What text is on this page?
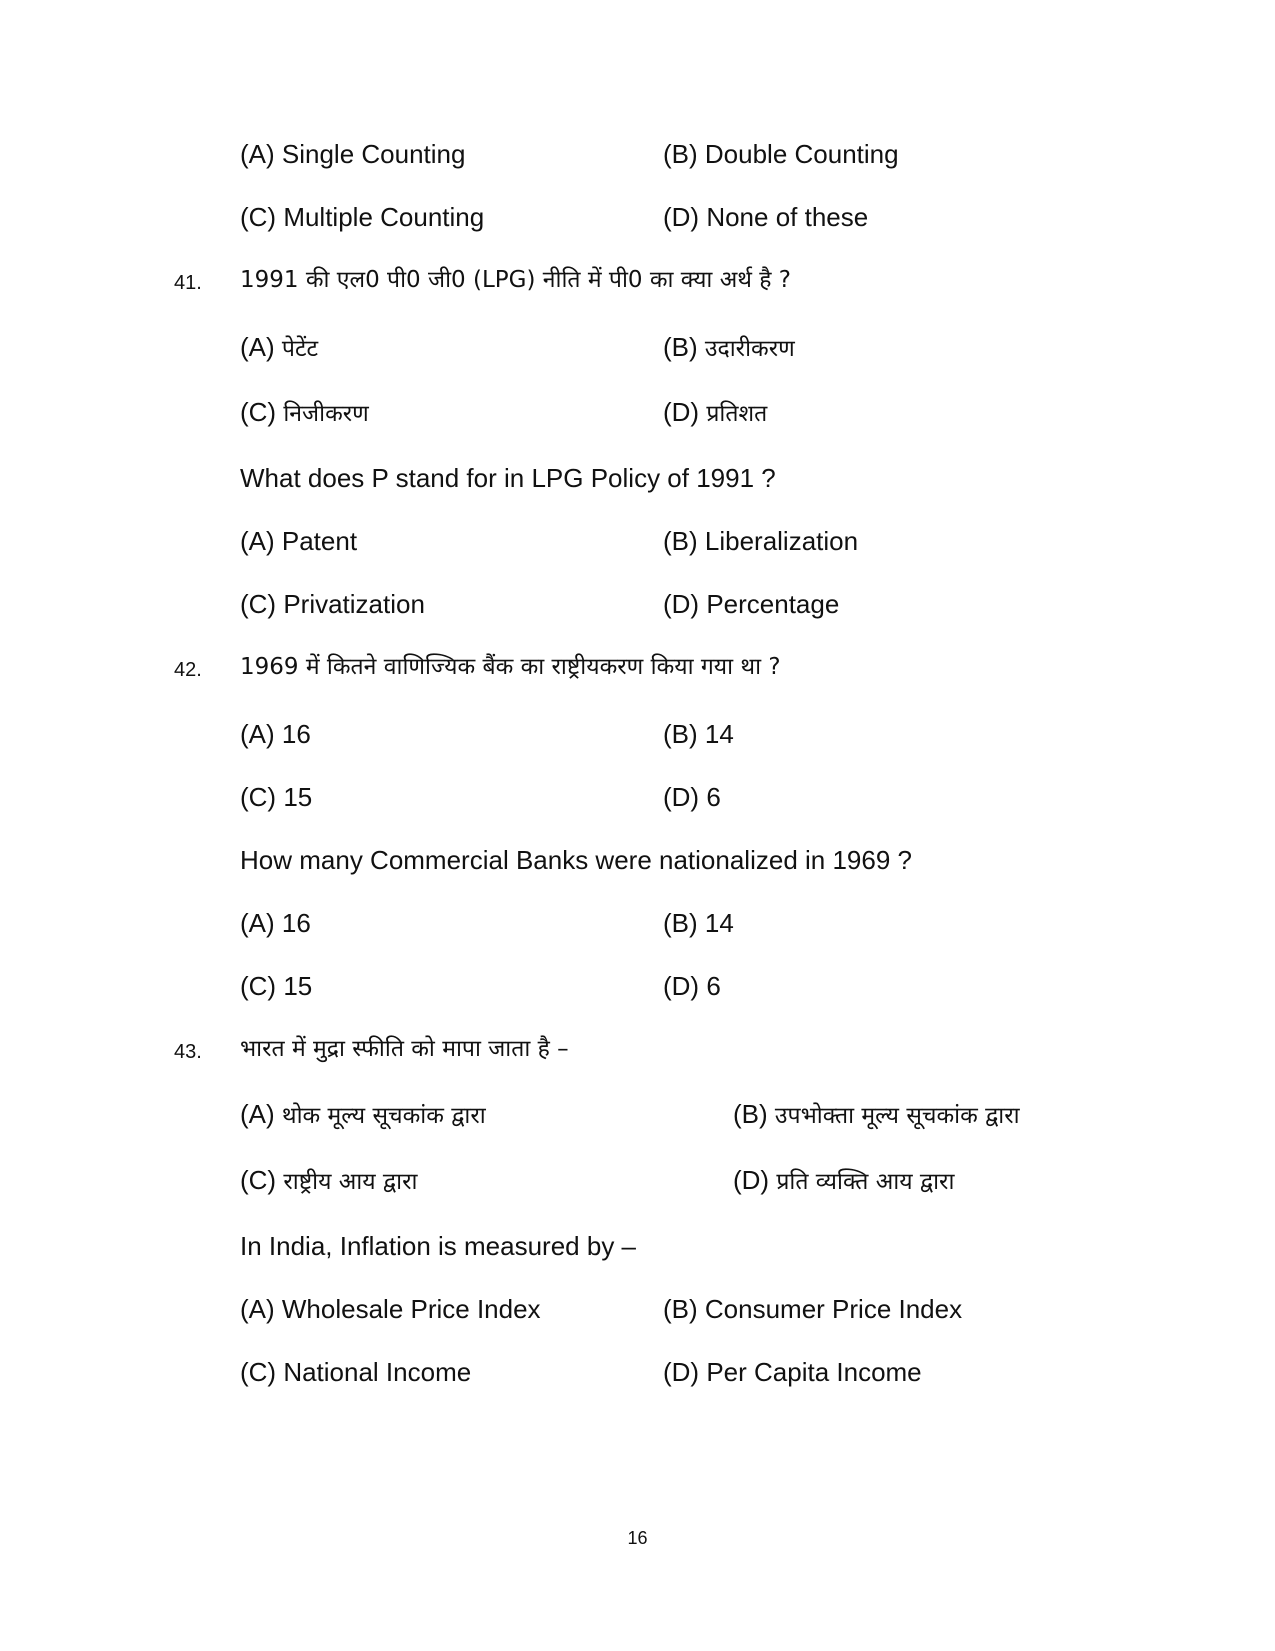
(A) Single Counting	(B) Double Counting
(C) Multiple Counting	(D) None of these
41. 1991 की एल0 पी0 जी0 (LPG) नीति में पी0 का क्या अर्थ है ?
(A) पेटेंट	(B) उदारीकरण
(C) निजीकरण	(D) प्रतिशत
What does P stand for in LPG Policy of 1991 ?
(A) Patent	(B) Liberalization
(C) Privatization	(D) Percentage
42. 1969 में कितने वाणिज्यिक बैंक का राष्ट्रीयकरण किया गया था ?
(A) 16	(B) 14
(C) 15	(D) 6
How many Commercial Banks were nationalized in 1969 ?
(A) 16	(B) 14
(C) 15	(D) 6
43. भारत में मुद्रा स्फीति को मापा जाता है –
(A) थोक मूल्य सूचकांक द्वारा	(B) उपभोक्ता मूल्य सूचकांक द्वारा
(C) राष्ट्रीय आय द्वारा	(D) प्रति व्यक्ति आय द्वारा
In India, Inflation is measured by –
(A) Wholesale Price Index	(B) Consumer Price Index
(C) National Income	(D) Per Capita Income
16
